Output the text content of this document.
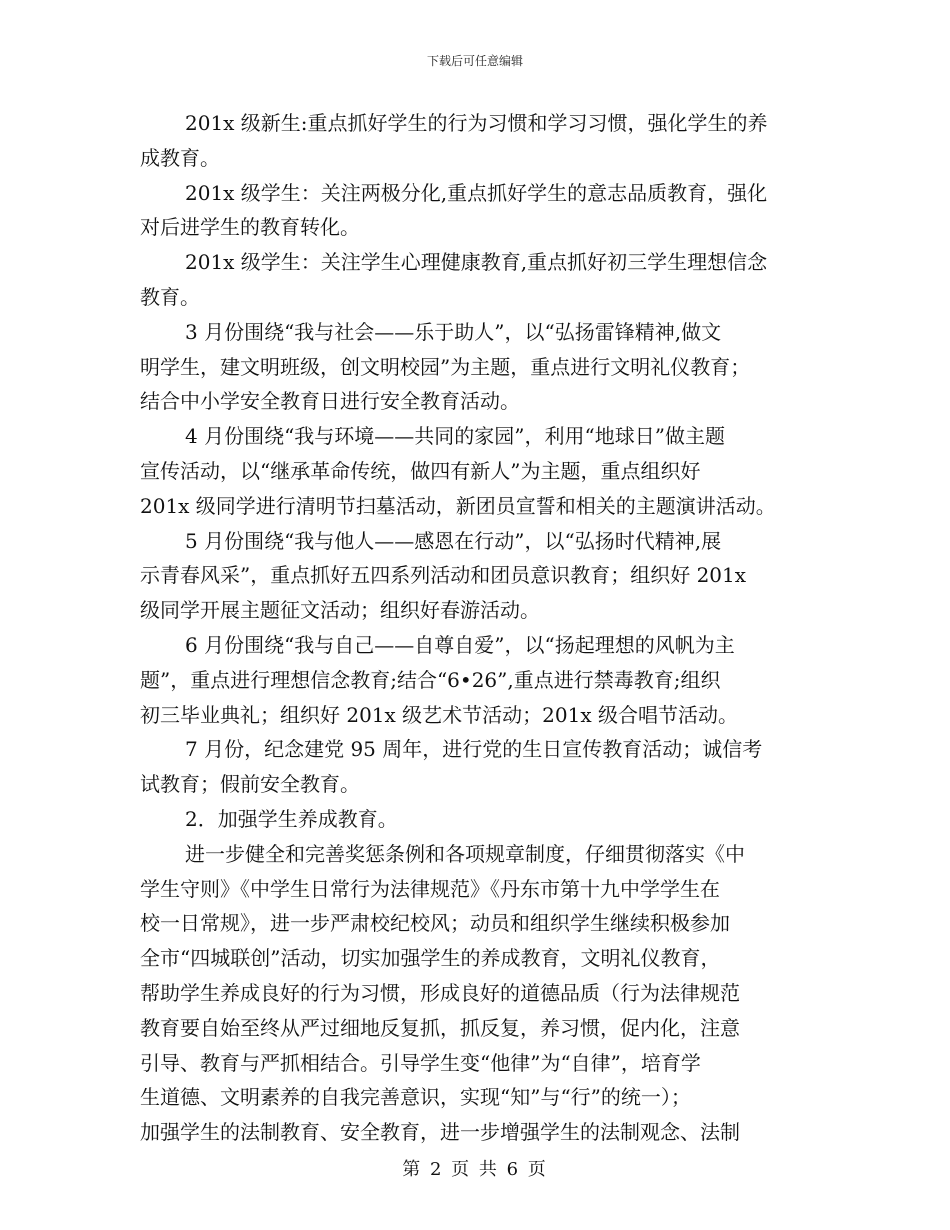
下载后可任意编辑
201x 级新生:重点抓好学生的行为习惯和学习习惯，强化学生的养
成教育。
201x 级学生：关注两极分化,重点抓好学生的意志品质教育，强化
对后进学生的教育转化。
201x 级学生：关注学生心理健康教育,重点抓好初三学生理想信念
教育。
3 月份围绕“我与社会——乐于助人”，以“弘扬雷锋精神,做文
明学生，建文明班级，创文明校园”为主题，重点进行文明礼仪教育；
结合中小学安全教育日进行安全教育活动。
4 月份围绕“我与环境——共同的家园”，利用“地球日”做主题
宣传活动，以“继承革命传统，做四有新人”为主题，重点组织好
201x 级同学进行清明节扫墓活动，新团员宣誓和相关的主题演讲活动。
5 月份围绕“我与他人——感恩在行动”，以“弘扬时代精神,展
示青春风采”，重点抓好五四系列活动和团员意识教育；组织好 201x
级同学开展主题征文活动；组织好春游活动。
6 月份围绕“我与自己——自尊自爱”，以“扬起理想的风帆为主
题”，重点进行理想信念教育;结合“6•26”,重点进行禁毒教育;组织
初三毕业典礼；组织好 201x 级艺术节活动；201x 级合唱节活动。
7 月份，纪念建党 95 周年，进行党的生日宣传教育活动；诚信考
试教育；假前安全教育。
2．加强学生养成教育。
进一步健全和完善奖惩条例和各项规章制度，仔细贯彻落实《中
学生守则》《中学生日常行为法律规范》《丹东市第十九中学学生在
校一日常规》，进一步严肃校纪校风；动员和组织学生继续积极参加
全市“四城联创”活动，切实加强学生的养成教育，文明礼仪教育，
帮助学生养成良好的行为习惯，形成良好的道德品质（行为法律规范
教育要自始至终从严过细地反复抓，抓反复，养习惯，促内化，注意
引导、教育与严抓相结合。引导学生变“他律”为“自律”，培育学
生道德、文明素养的自我完善意识，实现“知”与“行”的统一）；
加强学生的法制教育、安全教育，进一步增强学生的法制观念、法制
第 2 页 共 6 页
